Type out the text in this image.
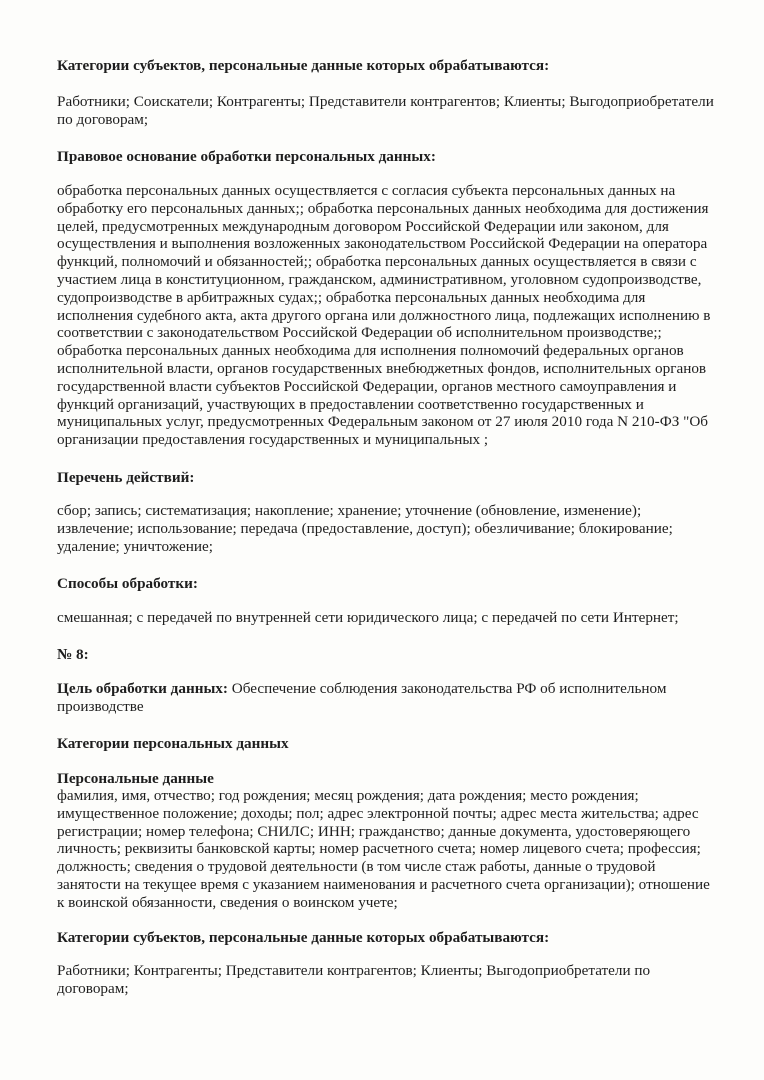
Категории субъектов, персональные данные которых обрабатываются:
Работники; Соискатели; Контрагенты; Представители контрагентов; Клиенты; Выгодоприобретатели
по договорам;
Правовое основание обработки персональных данных:
обработка персональных данных осуществляется с согласия субъекта персональных данных на
обработку его персональных данных;; обработка персональных данных необходима для достижения
целей, предусмотренных международным договором Российской Федерации или законом, для
осуществления и выполнения возложенных законодательством Российской Федерации на оператора
функций, полномочий и обязанностей;; обработка персональных данных осуществляется в связи с
участием лица в конституционном, гражданском, административном, уголовном судопроизводстве,
судопроизводстве в арбитражных судах;; обработка персональных данных необходима для
исполнения судебного акта, акта другого органа или должностного лица, подлежащих исполнению в
соответствии с законодательством Российской Федерации об исполнительном производстве;;
обработка персональных данных необходима для исполнения полномочий федеральных органов
исполнительной власти, органов государственных внебюджетных фондов, исполнительных органов
государственной власти субъектов Российской Федерации, органов местного самоуправления и
функций организаций, участвующих в предоставлении соответственно государственных и
муниципальных услуг, предусмотренных Федеральным законом от 27 июля 2010 года N 210-ФЗ "Об
организации предоставления государственных и муниципальных ;
Перечень действий:
сбор; запись; систематизация; накопление; хранение; уточнение (обновление, изменение);
извлечение; использование; передача (предоставление, доступ); обезличивание; блокирование;
удаление; уничтожение;
Способы обработки:
смешанная; с передачей по внутренней сети юридического лица; с передачей по сети Интернет;
№ 8:
Цель обработки данных: Обеспечение соблюдения законодательства РФ об исполнительном
производстве
Категории персональных данных
Персональные данные
фамилия, имя, отчество; год рождения; месяц рождения; дата рождения; место рождения;
имущественное положение; доходы; пол; адрес электронной почты; адрес места жительства; адрес
регистрации; номер телефона; СНИЛС; ИНН; гражданство; данные документа, удостоверяющего
личность; реквизиты банковской карты; номер расчетного счета; номер лицевого счета; профессия;
должность; сведения о трудовой деятельности (в том числе стаж работы, данные о трудовой
занятости на текущее время с указанием наименования и расчетного счета организации); отношение
к воинской обязанности, сведения о воинском учете;
Категории субъектов, персональные данные которых обрабатываются:
Работники; Контрагенты; Представители контрагентов; Клиенты; Выгодоприобретатели по
договорам;
